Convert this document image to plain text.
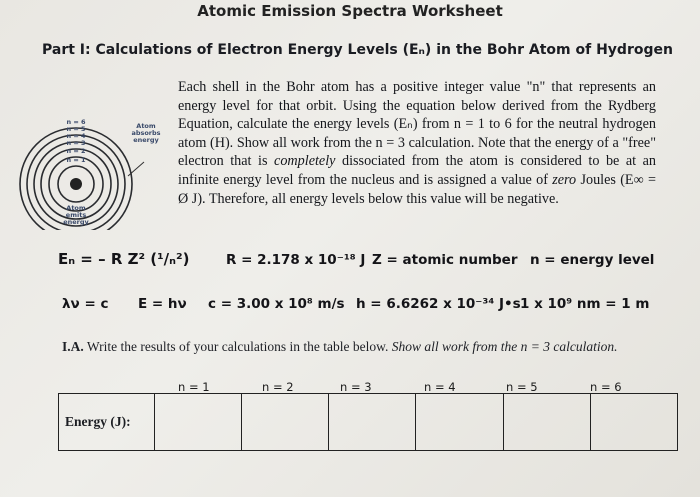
Atomic Emission Spectra Worksheet
Part I: Calculations of Electron Energy Levels (Eₙ) in the Bohr Atom of Hydrogen
n = 6
n = 5
n = 4
n = 3
n = 2
n = 1
Atom
absorbs
energy
Atom
emits
energy
Each shell in the Bohr atom has a positive integer value "n" that represents an energy level for that orbit. Using the equation below derived from the Rydberg Equation, calculate the energy levels (Eₙ) from n = 1 to 6 for the neutral hydrogen atom (H). Show all work from the n = 3 calculation. Note that the energy of a "free" electron that is completely dissociated from the atom is considered to be at an infinite energy level from the nucleus and is assigned a value of zero Joules (E∞ = Ø J). Therefore, all energy levels below this value will be negative.
Eₙ = – R Z² (¹/ₙ²)	R = 2.178 x 10⁻¹⁸ J Z = atomic number n = energy level
λν = c E = hν c = 3.00 x 10⁸ m/s h = 6.6262 x 10⁻³⁴ J•s 1 x 10⁹ nm = 1 m
I.A. Write the results of your calculations in the table below. Show all work from the n = 3 calculation.
n = 1	n = 2	n = 3	n = 4	n = 5	n = 6
Energy (J):						
